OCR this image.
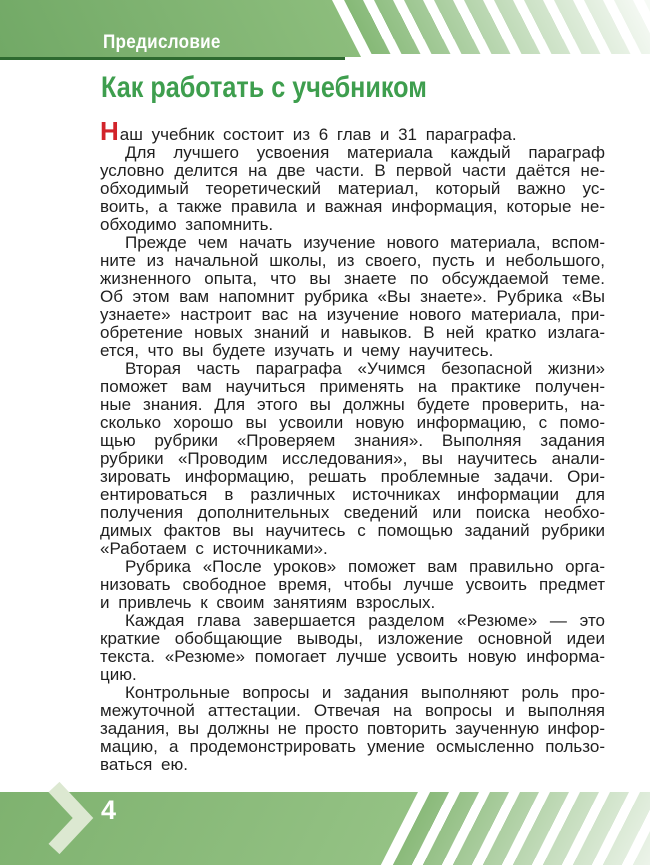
Предисловие
Как работать с учебником
Наш учебник состоит из 6 глав и 31 параграфа.
Для лучшего усвоения материала каждый параграф
условно делится на две части. В первой части даётся не-
обходимый теоретический материал, который важно ус-
воить, а также правила и важная информация, которые не-
обходимо запомнить.
Прежде чем начать изучение нового материала, вспом-
ните из начальной школы, из своего, пусть и небольшого,
жизненного опыта, что вы знаете по обсуждаемой теме.
Об этом вам напомнит рубрика «Вы знаете». Рубрика «Вы
узнаете» настроит вас на изучение нового материала, при-
обретение новых знаний и навыков. В ней кратко излага-
ется, что вы будете изучать и чему научитесь.
Вторая часть параграфа «Учимся безопасной жизни»
поможет вам научиться применять на практике получен-
ные знания. Для этого вы должны будете проверить, на-
сколько хорошо вы усвоили новую информацию, с помо-
щью рубрики «Проверяем знания». Выполняя задания
рубрики «Проводим исследования», вы научитесь анали-
зировать информацию, решать проблемные задачи. Ори-
ентироваться в различных источниках информации для
получения дополнительных сведений или поиска необхо-
димых фактов вы научитесь с помощью заданий рубрики
«Работаем с источниками».
Рубрика «После уроков» поможет вам правильно орга-
низовать свободное время, чтобы лучше усвоить предмет
и привлечь к своим занятиям взрослых.
Каждая глава завершается разделом «Резюме» — это
краткие обобщающие выводы, изложение основной идеи
текста. «Резюме» помогает лучше усвоить новую информа-
цию.
Контрольные вопросы и задания выполняют роль про-
межуточной аттестации. Отвечая на вопросы и выполняя
задания, вы должны не просто повторить заученную инфор-
мацию, а продемонстрировать умение осмысленно пользо-
ваться ею.
4
